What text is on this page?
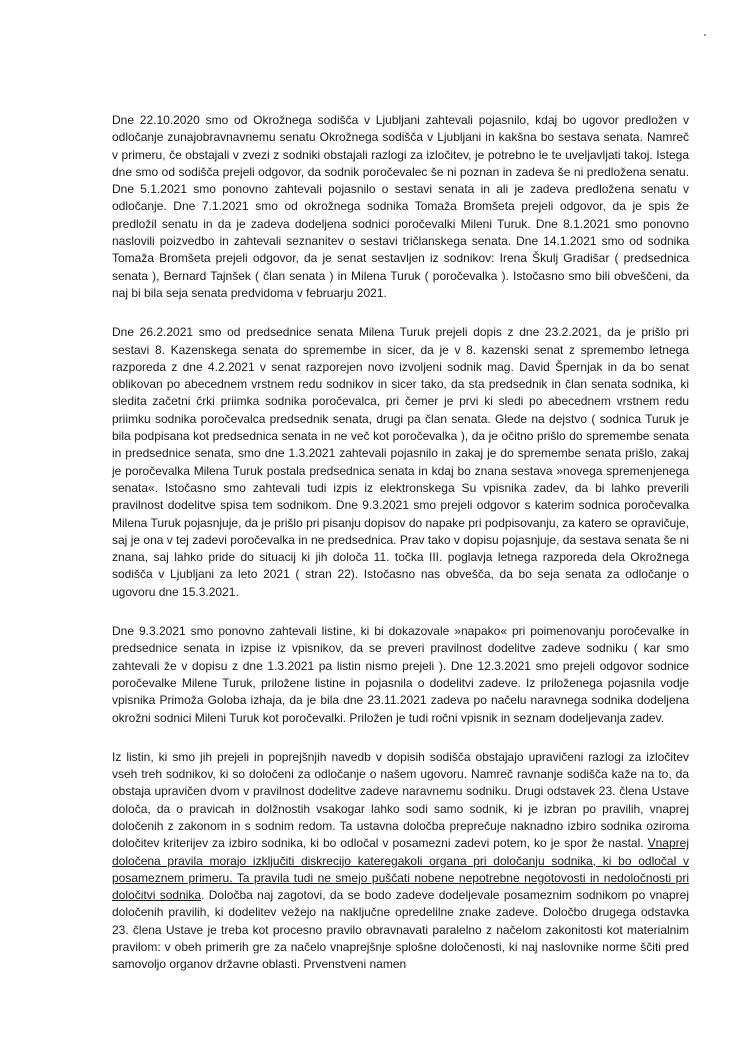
Dne 22.10.2020 smo od Okrožnega sodišča v Ljubljani zahtevali pojasnilo, kdaj bo ugovor predložen v odločanje zunajobravnavnemu senatu Okrožnega sodišča v Ljubljani in kakšna bo sestava senata. Namreč v primeru, če obstajali v zvezi z sodniki obstajali razlogi za izločitev, je potrebno le te uveljavljati takoj. Istega dne smo od sodišča prejeli odgovor, da sodnik poročevalec še ni poznan in zadeva še ni predložena senatu. Dne 5.1.2021 smo ponovno zahtevali pojasnilo o sestavi senata in ali je zadeva predložena senatu v odločanje. Dne 7.1.2021 smo od okrožnega sodnika Tomaža Bromšeta prejeli odgovor, da je spis že predložil senatu in da je zadeva dodeljena sodnici poročevalki Mileni Turuk. Dne 8.1.2021 smo ponovno naslovili poizvedbo in zahtevali seznanitev o sestavi tričlanskega senata. Dne 14.1.2021 smo od sodnika Tomaža Bromšeta prejeli odgovor, da je senat sestavljen iz sodnikov: Irena Škulj Gradišar ( predsednica senata ), Bernard Tajnšek ( član senata ) in Milena Turuk ( poročevalka ). Istočasno smo bili obveščeni, da naj bi bila seja senata predvidoma v februarju 2021.

Dne 26.2.2021 smo od predsednice senata Milena Turuk prejeli dopis z dne 23.2.2021, da je prišlo pri sestavi 8. Kazenskega senata do spremembe in sicer, da je v 8. kazenski senat z spremembo letnega razporeda z dne 4.2.2021 v senat razporejen novo izvoljeni sodnik mag. David Špernjak in da bo senat oblikovan po abecednem vrstnem redu sodnikov in sicer tako, da sta predsednik in član senata sodnika, ki sledita začetni črki priimka sodnika poročevalca, pri čemer je prvi ki sledi po abecednem vrstnem redu priimku sodnika poročevalca predsednik senata, drugi pa član senata. Glede na dejstvo ( sodnica Turuk je bila podpisana kot predsednica senata in ne več kot poročevalka ), da je očitno prišlo do spremembe senata in predsednice senata, smo dne 1.3.2021 zahtevali pojasnilo in zakaj je do spremembe senata prišlo, zakaj je poročevalka Milena Turuk postala predsednica senata in kdaj bo znana sestava »novega spremenjenega senata«. Istočasno smo zahtevali tudi izpis iz elektronskega Su vpisnika zadev, da bi lahko preverili pravilnost dodelitve spisa tem sodnikom. Dne 9.3.2021 smo prejeli odgovor s katerim sodnica poročevalka Milena Turuk pojasnjuje, da je prišlo pri pisanju dopisov do napake pri podpisovanju, za katero se opravičuje, saj je ona v tej zadevi poročevalka in ne predsednica. Prav tako v dopisu pojasnjuje, da sestava senata še ni znana, saj lahko pride do situacij ki jih določa 11. točka III. poglavja letnega razporeda dela Okrožnega sodišča v Ljubljani za leto 2021 ( stran 22). Istočasno nas obvešča, da bo seja senata za odločanje o ugovoru dne 15.3.2021.

Dne 9.3.2021 smo ponovno zahtevali listine, ki bi dokazovale »napako« pri poimenovanju poročevalke in predsednice senata in izpise iz vpisnikov, da se preveri pravilnost dodelitve zadeve sodniku ( kar smo zahtevali že v dopisu z dne 1.3.2021 pa listin nismo prejeli ). Dne 12.3.2021 smo prejeli odgovor sodnice poročevalke Milene Turuk, priložene listine in pojasnila o dodelitvi zadeve. Iz priloženega pojasnila vodje vpisnika Primoža Goloba izhaja, da je bila dne 23.11.2021 zadeva po načelu naravnega sodnika dodeljena okrožni sodnici Mileni Turuk kot poročevalki. Priložen je tudi ročni vpisnik in seznam dodeljevanja zadev.

Iz listin, ki smo jih prejeli in poprejšnjih navedb v dopisih sodišča obstajajo upravičeni razlogi za izločitev vseh treh sodnikov, ki so določeni za odločanje o našem ugovoru. Namreč ravnanje sodišča kaže na to, da obstaja upravičen dvom v pravilnost dodelitve zadeve naravnemu sodniku. Drugi odstavek 23. člena Ustave določa, da o pravicah in dolžnostih vsakogar lahko sodi samo sodnik, ki je izbran po pravilih, vnaprej določenih z zakonom in s sodnim redom. Ta ustavna določba preprečuje naknadno izbiro sodnika oziroma določitev kriterijev za izbiro sodnika, ki bo odločal v posamezni zadevi potem, ko je spor že nastal. Vnaprej določena pravila morajo izključiti diskrecijo kateregakoli organa pri določanju sodnika, ki bo odločal v posameznem primeru. Ta pravila tudi ne smejo puščati nobene nepotrebne negotovosti in nedoločnosti pri določitvi sodnika. Določba naj zagotovi, da se bodo zadeve dodeljevale posameznim sodnikom po vnaprej določenih pravilih, ki dodelitev vežejo na naključne opredelilne znake zadeve. Določbo drugega odstavka 23. člena Ustave je treba kot procesno pravilo obravnavati paralelno z načelom zakonitosti kot materialnim pravilom: v obeh primerih gre za načelo vnaprejšnje splošne določenosti, ki naj naslovnike norme ščiti pred samovoljo organov državne oblasti. Prvenstveni namen
